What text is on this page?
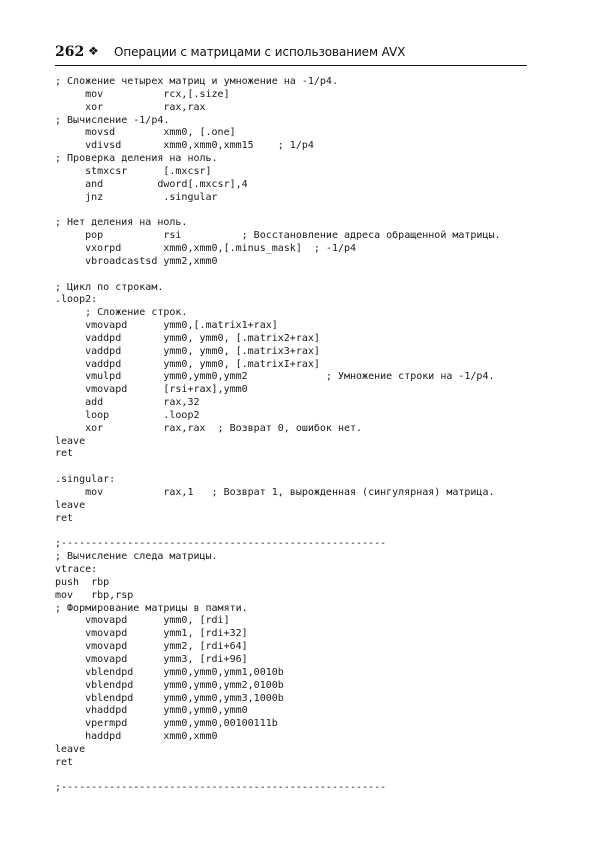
262 ❖ Операции с матрицами с использованием AVX
; Сложение четырех матриц и умножение на -1/p4.
mov          rcx,[.size]
xor          rax,rax
; Вычисление -1/p4.
movsd        xmm0, [.one]
vdivsd       xmm0,xmm0,xmm15    ; 1/p4
; Проверка деления на ноль.
stmxcsr      [.mxcsr]
and         dword[.mxcsr],4
jnz          .singular
; Нет деления на ноль.
pop          rsi          ; Восстановление адреса обращенной матрицы.
vxorpd       xmm0,xmm0,[.minus_mask]  ; -1/p4
vbroadcastsd ymm2,xmm0
; Цикл по строкам.
.loop2:
; Сложение строк.
vmovapd      ymm0,[.matrix1+rax]
vaddpd       ymm0, ymm0, [.matrix2+rax]
vaddpd       ymm0, ymm0, [.matrix3+rax]
vaddpd       ymm0, ymm0, [.matrixI+rax]
vmulpd       ymm0,ymm0,ymm2             ; Умножение строки на -1/p4.
vmovapd      [rsi+rax],ymm0
add          rax,32
loop         .loop2
xor          rax,rax  ; Возврат 0, ошибок нет.
leave
ret
.singular:
mov          rax,1   ; Возврат 1, вырожденная (сингулярная) матрица.
leave
ret
;------------------------------------------------------
; Вычисление следа матрицы.
vtrace:
push  rbp
mov   rbp,rsp
; Формирование матрицы в памяти.
vmovapd      ymm0, [rdi]
vmovapd      ymm1, [rdi+32]
vmovapd      ymm2, [rdi+64]
vmovapd      ymm3, [rdi+96]
vblendpd     ymm0,ymm0,ymm1,0010b
vblendpd     ymm0,ymm0,ymm2,0100b
vblendpd     ymm0,ymm0,ymm3,1000b
vhaddpd      ymm0,ymm0,ymm0
vpermpd      ymm0,ymm0,00100111b
haddpd       xmm0,xmm0
leave
ret
;------------------------------------------------------
